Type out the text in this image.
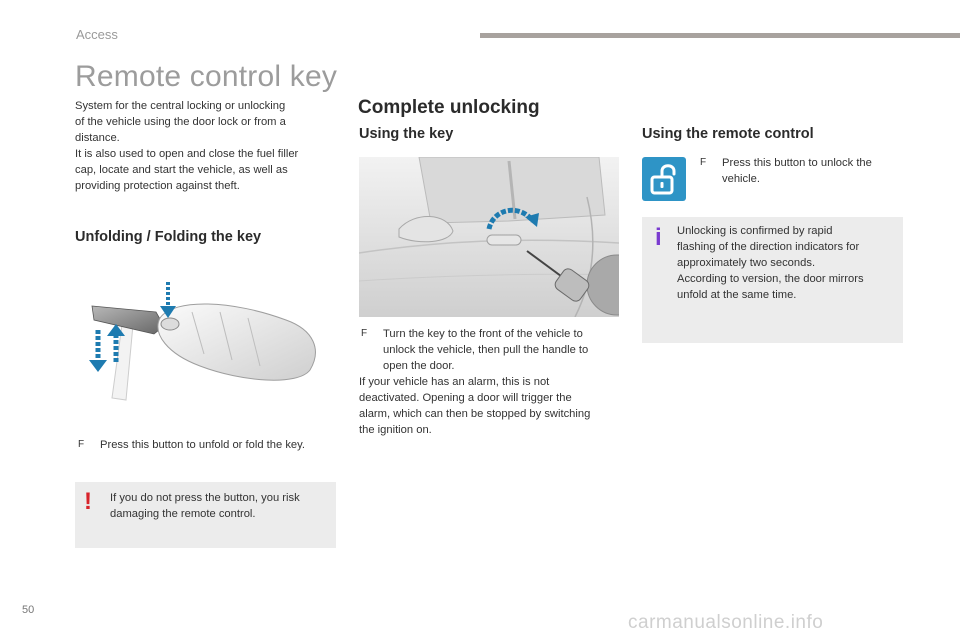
Access
Remote control key
System for the central locking or unlocking
of the vehicle using the door lock or from a
distance.
It is also used to open and close the fuel filler
cap, locate and start the vehicle, as well as
providing protection against theft.
Unfolding / Folding the key
F	Press this button to unfold or fold the key.
! If you do not press the button, you risk
damaging the remote control.
Complete unlocking
Using the key
F	Turn the key to the front of the vehicle to
unlock the vehicle, then pull the handle to
open the door.
If your vehicle has an alarm, this is not
deactivated. Opening a door will trigger the
alarm, which can then be stopped by switching
the ignition on.
Using the remote control
F	Press this button to unlock the
vehicle.
i Unlocking is confirmed by rapid
flashing of the direction indicators for
approximately two seconds.
According to version, the door mirrors
unfold at the same time.
50
carmanualsonline.info
